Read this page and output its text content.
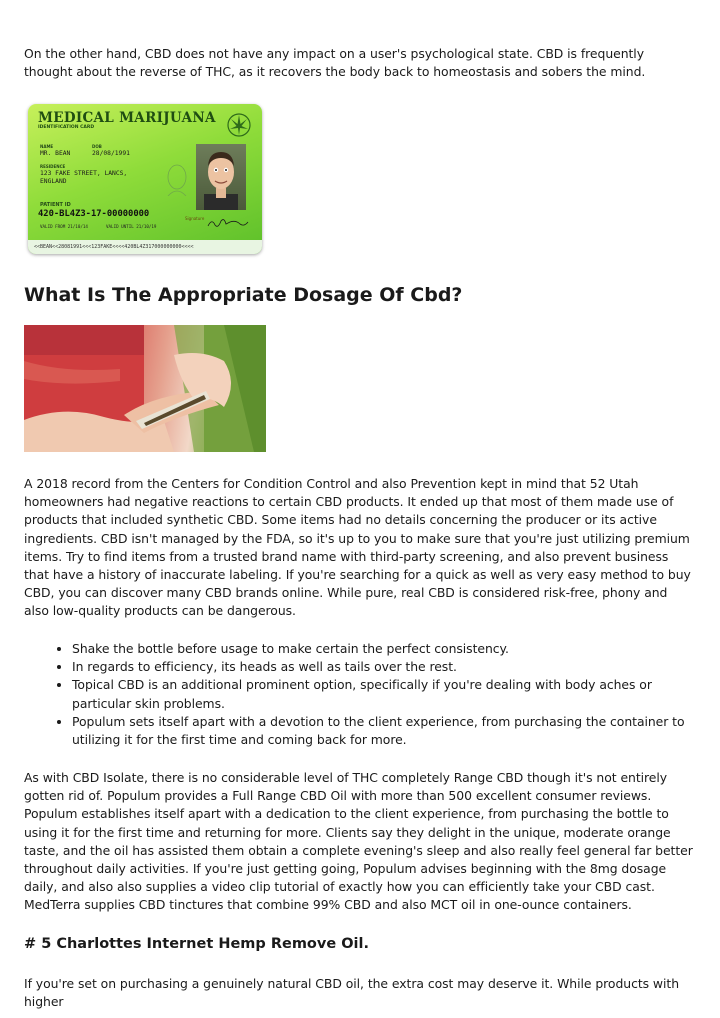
On the other hand, CBD does not have any impact on a user's psychological state. CBD is frequently thought about the reverse of THC, as it recovers the body back to homeostasis and sobers the mind.

MEDICAL MARIJUANA
IDENTIFICATION CARD
NAME
MR. BEAN
DOB
28/08/1991
RESIDENCE
123 FAKE STREET, LANCS,
ENGLAND
PATIENT ID
420-BL4Z3-17-00000000
VALID FROM 21/10/14	VALID UNTIL 21/10/19
Signature
<<BEAN<<28081991<<<123FAKE<<<<420BL4Z317000000000<<<<
What Is The Appropriate Dosage Of Cbd?

A 2018 record from the Centers for Condition Control and also Prevention kept in mind that 52 Utah homeowners had negative reactions to certain CBD products. It ended up that most of them made use of products that included synthetic CBD. Some items had no details concerning the producer or its active ingredients. CBD isn't managed by the FDA, so it's up to you to make sure that you're just utilizing premium items. Try to find items from a trusted brand name with third-party screening, and also prevent business that have a history of inaccurate labeling. If you're searching for a quick as well as very easy method to buy CBD, you can discover many CBD brands online. While pure, real CBD is considered risk-free, phony and also low-quality products can be dangerous.

• Shake the bottle before usage to make certain the perfect consistency.
• In regards to efficiency, its heads as well as tails over the rest.
• Topical CBD is an additional prominent option, specifically if you're dealing with body aches or particular skin problems.
• Populum sets itself apart with a devotion to the client experience, from purchasing the container to utilizing it for the first time and coming back for more.

As with CBD Isolate, there is no considerable level of THC completely Range CBD though it's not entirely gotten rid of. Populum provides a Full Range CBD Oil with more than 500 excellent consumer reviews. Populum establishes itself apart with a dedication to the client experience, from purchasing the bottle to using it for the first time and returning for more. Clients say they delight in the unique, moderate orange taste, and the oil has assisted them obtain a complete evening's sleep and also really feel general far better throughout daily activities. If you're just getting going, Populum advises beginning with the 8mg dosage daily, and also also supplies a video clip tutorial of exactly how you can efficiently take your CBD cast. MedTerra supplies CBD tinctures that combine 99% CBD and also MCT oil in one-ounce containers.

# 5 Charlottes Internet Hemp Remove Oil.

If you're set on purchasing a genuinely natural CBD oil, the extra cost may deserve it. While products with higher
